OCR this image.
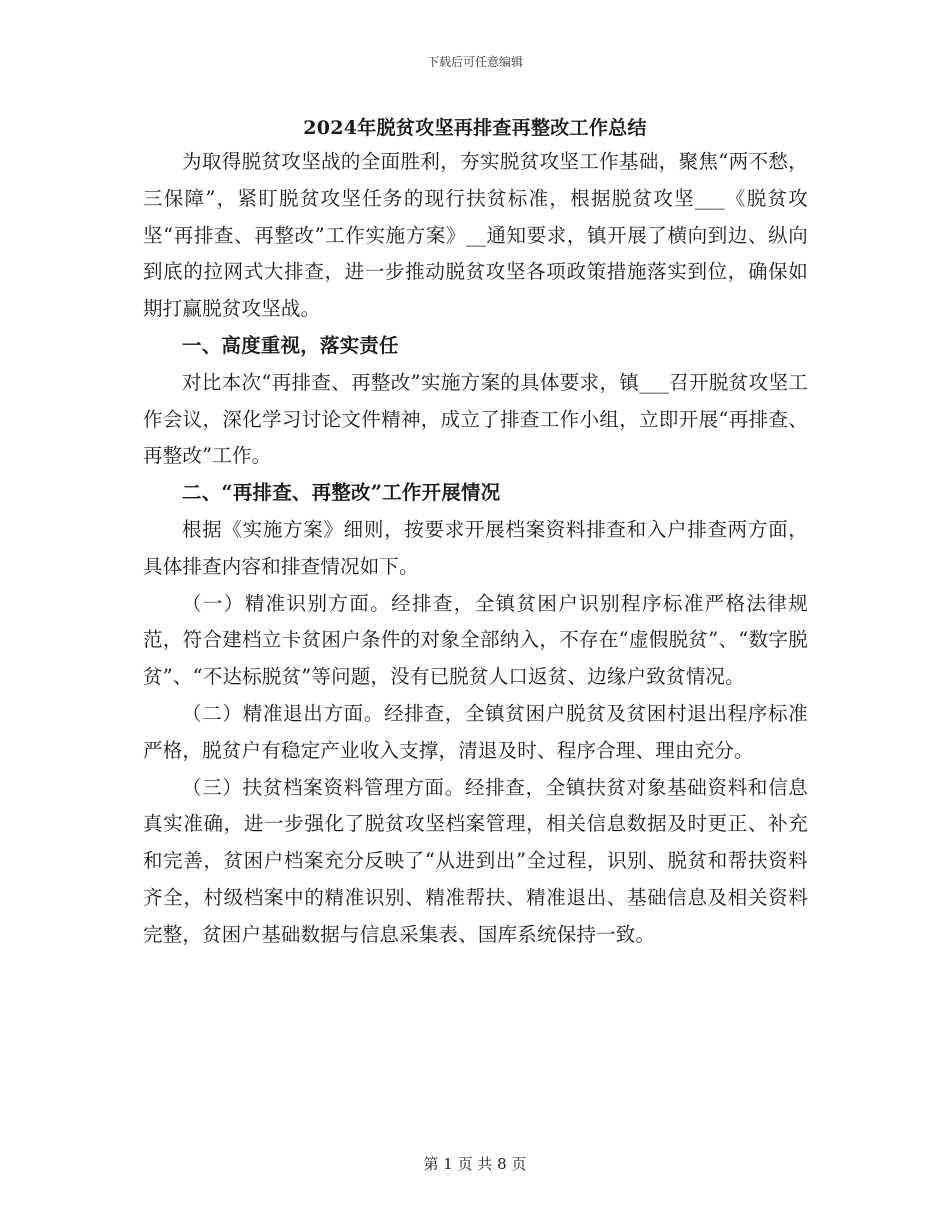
下载后可任意编辑
2024年脱贫攻坚再排查再整改工作总结

为取得脱贫攻坚战的全面胜利，夯实脱贫攻坚工作基础，聚焦“两不愁，三保障”，紧盯脱贫攻坚任务的现行扶贫标准，根据脱贫攻坚___《脱贫攻坚“再排查、再整改”工作实施方案》__通知要求，镇开展了横向到边、纵向到底的拉网式大排查，进一步推动脱贫攻坚各项政策措施落实到位，确保如期打赢脱贫攻坚战。

一、高度重视，落实责任

对比本次“再排查、再整改”实施方案的具体要求，镇___召开脱贫攻坚工作会议，深化学习讨论文件精神，成立了排查工作小组，立即开展“再排查、再整改”工作。

二、“再排查、再整改”工作开展情况

根据《实施方案》细则，按要求开展档案资料排查和入户排查两方面，具体排查内容和排查情况如下。

（一）精准识别方面。经排查，全镇贫困户识别程序标准严格法律规范，符合建档立卡贫困户条件的对象全部纳入，不存在“虚假脱贫”、“数字脱贫”、“不达标脱贫”等问题，没有已脱贫人口返贫、边缘户致贫情况。

（二）精准退出方面。经排查，全镇贫困户脱贫及贫困村退出程序标准严格，脱贫户有稳定产业收入支撑，清退及时、程序合理、理由充分。

（三）扶贫档案资料管理方面。经排查，全镇扶贫对象基础资料和信息真实准确，进一步强化了脱贫攻坚档案管理，相关信息数据及时更正、补充和完善，贫困户档案充分反映了“从进到出”全过程，识别、脱贫和帮扶资料齐全，村级档案中的精准识别、精准帮扶、精准退出、基础信息及相关资料完整，贫困户基础数据与信息采集表、国库系统保持一致。

第 1 页 共 8 页
